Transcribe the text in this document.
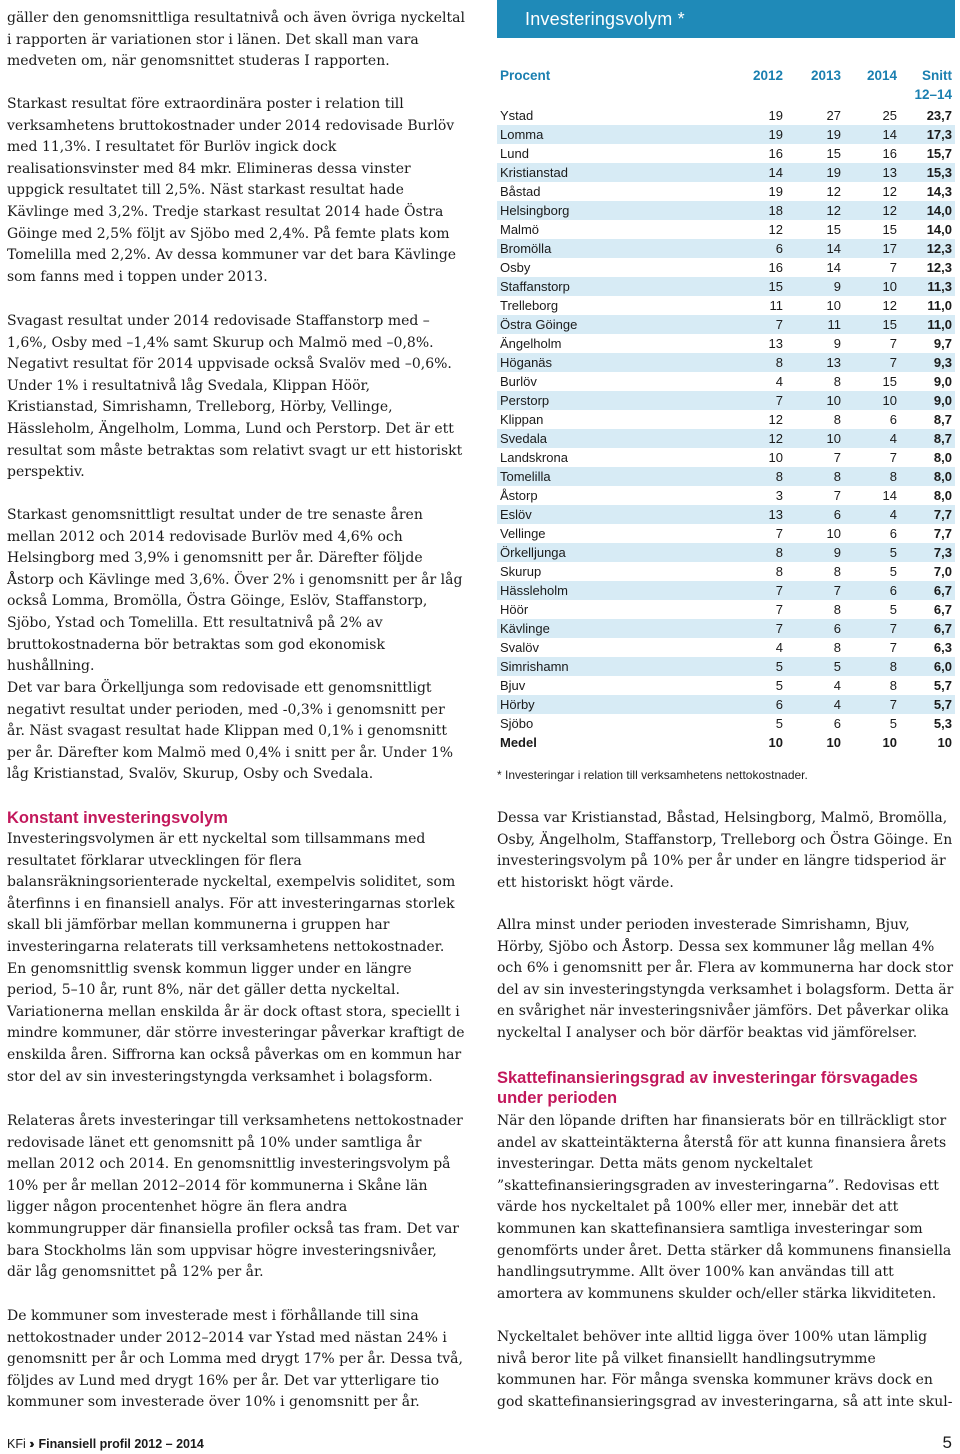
gäller den genomsnittliga resultatnivå och även övriga nyckeltal i rapporten är variationen stor i länen. Det skall man vara medveten om, när genomsnittet studeras I rapporten.

Starkast resultat före extraordinära poster i relation till verksamhetens bruttokostnader under 2014 redovisade Burlöv med 11,3%. I resultatet för Burlöv ingick dock realisationsvinster med 84 mkr. Elimineras dessa vinster uppgick resultatet till 2,5%. Näst starkast resultat hade Kävlinge med 3,2%. Tredje starkast resultat 2014 hade Östra Göinge med 2,5% följt av Sjöbo med 2,4%. På femte plats kom Tomelilla med 2,2%. Av dessa kommuner var det bara Kävlinge som fanns med i toppen under 2013.

Svagast resultat under 2014 redovisade Staffanstorp med –1,6%, Osby med –1,4% samt Skurup och Malmö med –0,8%. Negativt resultat för 2014 uppvisade också Svalöv med –0,6%. Under 1% i resultatnivå låg Svedala, Klippan Höör, Kristianstad, Simrishamn, Trelleborg, Hörby, Vellinge, Hässleholm, Ängelholm, Lomma, Lund och Perstorp. Det är ett resultat som måste betraktas som relativt svagt ur ett historiskt perspektiv.

Starkast genomsnittligt resultat under de tre senaste åren mellan 2012 och 2014 redovisade Burlöv med 4,6% och Helsingborg med 3,9% i genomsnitt per år. Därefter följde Åstorp och Kävlinge med 3,6%. Över 2% i genomsnitt per år låg också Lomma, Bromölla, Östra Göinge, Eslöv, Staffanstorp, Sjöbo, Ystad och Tomelilla. Ett resultatnivå på 2% av bruttokostnaderna bör betraktas som god ekonomisk hushållning.

Det var bara Örkelljunga som redovisade ett genomsnittligt negativt resultat under perioden, med -0,3% i genomsnitt per år. Näst svagast resultat hade Klippan med 0,1% i genomsnitt per år. Därefter kom Malmö med 0,4% i snitt per år. Under 1% låg Kristianstad, Svalöv, Skurup, Osby och Svedala.

Konstant investeringsvolym

Investeringsvolymen är ett nyckeltal som tillsammans med resultatet förklarar utvecklingen för flera balansräkningsorienterade nyckeltal, exempelvis soliditet, som återfinns i en finansiell analys. För att investeringarnas storlek skall bli jämförbar mellan kommunerna i gruppen har investeringarna relaterats till verksamhetens nettokostnader. En genomsnittlig svensk kommun ligger under en längre period, 5–10 år, runt 8%, när det gäller detta nyckeltal. Variationerna mellan enskilda år är dock oftast stora, speciellt i mindre kommuner, där större investeringar påverkar kraftigt de enskilda åren. Siffrorna kan också påverkas om en kommun har stor del av sin investeringstyngda verksamhet i bolagsform.

Relateras årets investeringar till verksamhetens nettokostnader redovisade länet ett genomsnitt på 10% under samtliga år mellan 2012 och 2014. En genomsnittlig investeringsvolym på 10% per år mellan 2012–2014 för kommunerna i Skåne län ligger någon procentenhet högre än flera andra kommungrupper där finansiella profiler också tas fram. Det var bara Stockholms län som uppvisar högre investeringsnivåer, där låg genomsnittet på 12% per år.

De kommuner som investerade mest i förhållande till sina nettokostnader under 2012–2014 var Ystad med nästan 24% i genomsnitt per år och Lomma med drygt 17% per år. Dessa två, följdes av Lund med drygt 16% per år. Det var ytterligare tio kommuner som investerade över 10% i genomsnitt per år.

Investeringsvolym *
Procent	2012 2013 2014 Snitt
12–14
Ystad	19	27	25 23,7
Lomma	19	19	14 17,3
Lund	16	15	16 15,7
Kristianstad	14	19	13 15,3
Båstad	19	12	12 14,3
Helsingborg	18	12	12 14,0
Malmö	12	15	15 14,0
Bromölla	6	14	17 12,3
Osby	16	14	7 12,3
Staffanstorp	15	9	10 11,3
Trelleborg	11	10	12 11,0
Östra Göinge	7	11	15 11,0
Ängelholm	13	9	7	9,7
Höganäs	8	13	7	9,3
Burlöv	4	8	15	9,0
Perstorp	7	10	10	9,0
Klippan	12	8	6	8,7
Svedala	12	10	4	8,7
Landskrona	10	7	7	8,0
Tomelilla	8	8	8	8,0
Åstorp	3	7	14	8,0
Eslöv	13	6	4	7,7
Vellinge	7	10	6	7,7
Örkelljunga	8	9	5	7,3
Skurup	8	8	5	7,0
Hässleholm	7	7	6	6,7
Höör	7	8	5	6,7
Kävlinge	7	6	7	6,7
Svalöv	4	8	7	6,3
Simrishamn	5	5	8	6,0
Bjuv	5	4	8	5,7
Hörby	6	4	7	5,7
Sjöbo	5	6	5	5,3
Medel	10	10	10	10
* Investeringar i relation till verksamhetens nettokostnader.

Dessa var Kristianstad, Båstad, Helsingborg, Malmö, Bromölla, Osby, Ängelholm, Staffanstorp, Trelleborg och Östra Göinge. En investeringsvolym på 10% per år under en längre tidsperiod är ett historiskt högt värde.

Allra minst under perioden investerade Simrishamn, Bjuv, Hörby, Sjöbo och Åstorp. Dessa sex kommuner låg mellan 4% och 6% i genomsnitt per år. Flera av kommunerna har dock stor del av sin investeringstyngda verksamhet i bolagsform. Detta är en svårighet när investeringsnivåer jämförs. Det påverkar olika nyckeltal I analyser och bör därför beaktas vid jämförelser.

Skattefinansieringsgrad av investeringar försvagades under perioden

När den löpande driften har finansierats bör en tillräckligt stor andel av skatteintäkterna återstå för att kunna finansiera årets investeringar. Detta mäts genom nyckeltalet ”skattefinansieringsgraden av investeringarna”. Redovisas ett värde hos nyckeltalet på 100% eller mer, innebär det att kommunen kan skattefinansiera samtliga investeringar som genomförts under året. Detta stärker då kommunens finansiella handlingsutrymme. Allt över 100% kan användas till att amortera av kommunens skulder och/eller stärka likviditeten.

Nyckeltalet behöver inte alltid ligga över 100% utan lämplig nivå beror lite på vilket finansiellt handlingsutrymme kommunen har. För många svenska kommuner krävs dock en god skattefinansieringsgrad av investeringarna, så att inte skul-

KFi ›› Finansiell profil 2012 – 2014	5
